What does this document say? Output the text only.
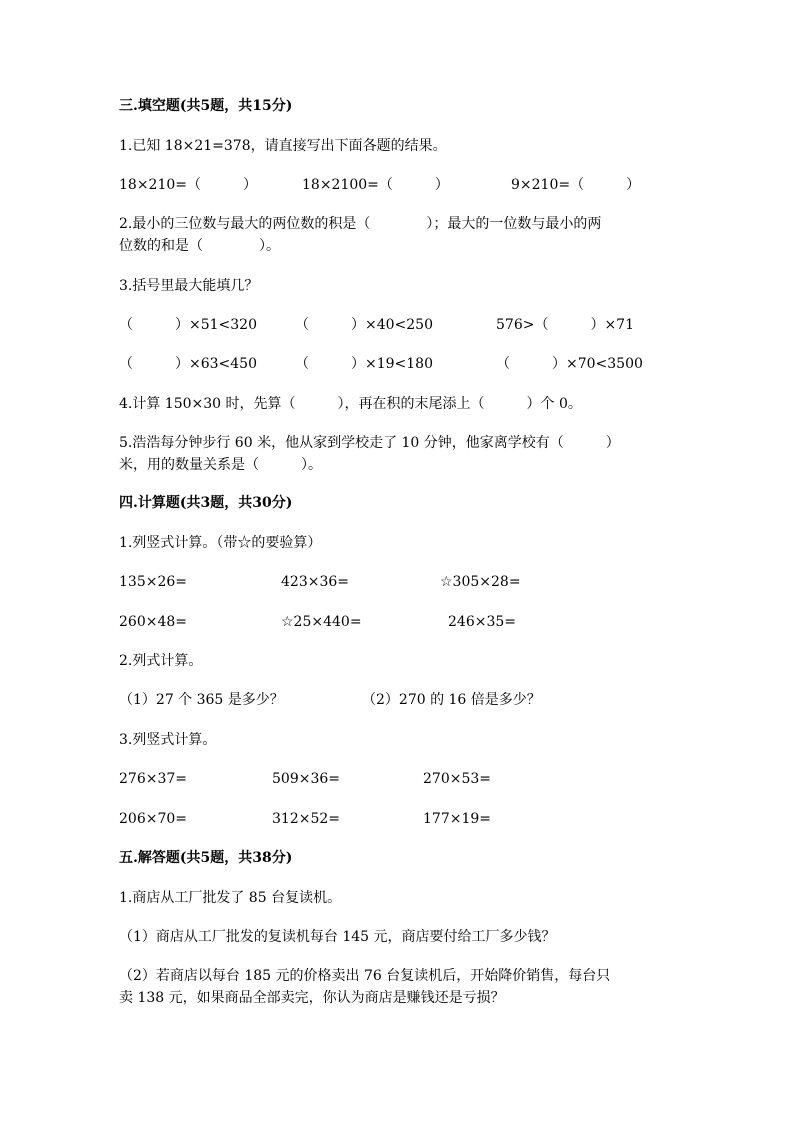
三.填空题(共5题，共15分)
1.已知 18×21=378，请直接写出下面各题的结果。
18×210=（　　　）	18×2100=（　　　）	9×210=（　　　）
2.最小的三位数与最大的两位数的积是（　　　　）；最大的一位数与最小的两
位数的和是（　　　　）。
3.括号里最大能填几？
（　　　）×51<320	（　　　）×40<250	576>（　　　）×71
（　　　）×63<450	（　　　）×19<180	（　　　）×70<3500
4.计算 150×30 时，先算（　　　），再在积的末尾添上（　　　）个 0。
5.浩浩每分钟步行 60 米，他从家到学校走了 10 分钟，他家离学校有（　　　）
米，用的数量关系是（　　　）。
四.计算题(共3题，共30分)
1.列竖式计算。（带☆的要验算）
135×26=	423×36=	☆305×28=
260×48=	☆25×440=	246×35=
2.列式计算。
（1）27 个 365 是多少？	（2）270 的 16 倍是多少？
3.列竖式计算。
276×37=	509×36=	270×53=
206×70=	312×52=	177×19=
五.解答题(共5题，共38分)
1.商店从工厂批发了 85 台复读机。
（1）商店从工厂批发的复读机每台 145 元，商店要付给工厂多少钱？
（2）若商店以每台 185 元的价格卖出 76 台复读机后，开始降价销售，每台只
卖 138 元，如果商品全部卖完，你认为商店是赚钱还是亏损？
